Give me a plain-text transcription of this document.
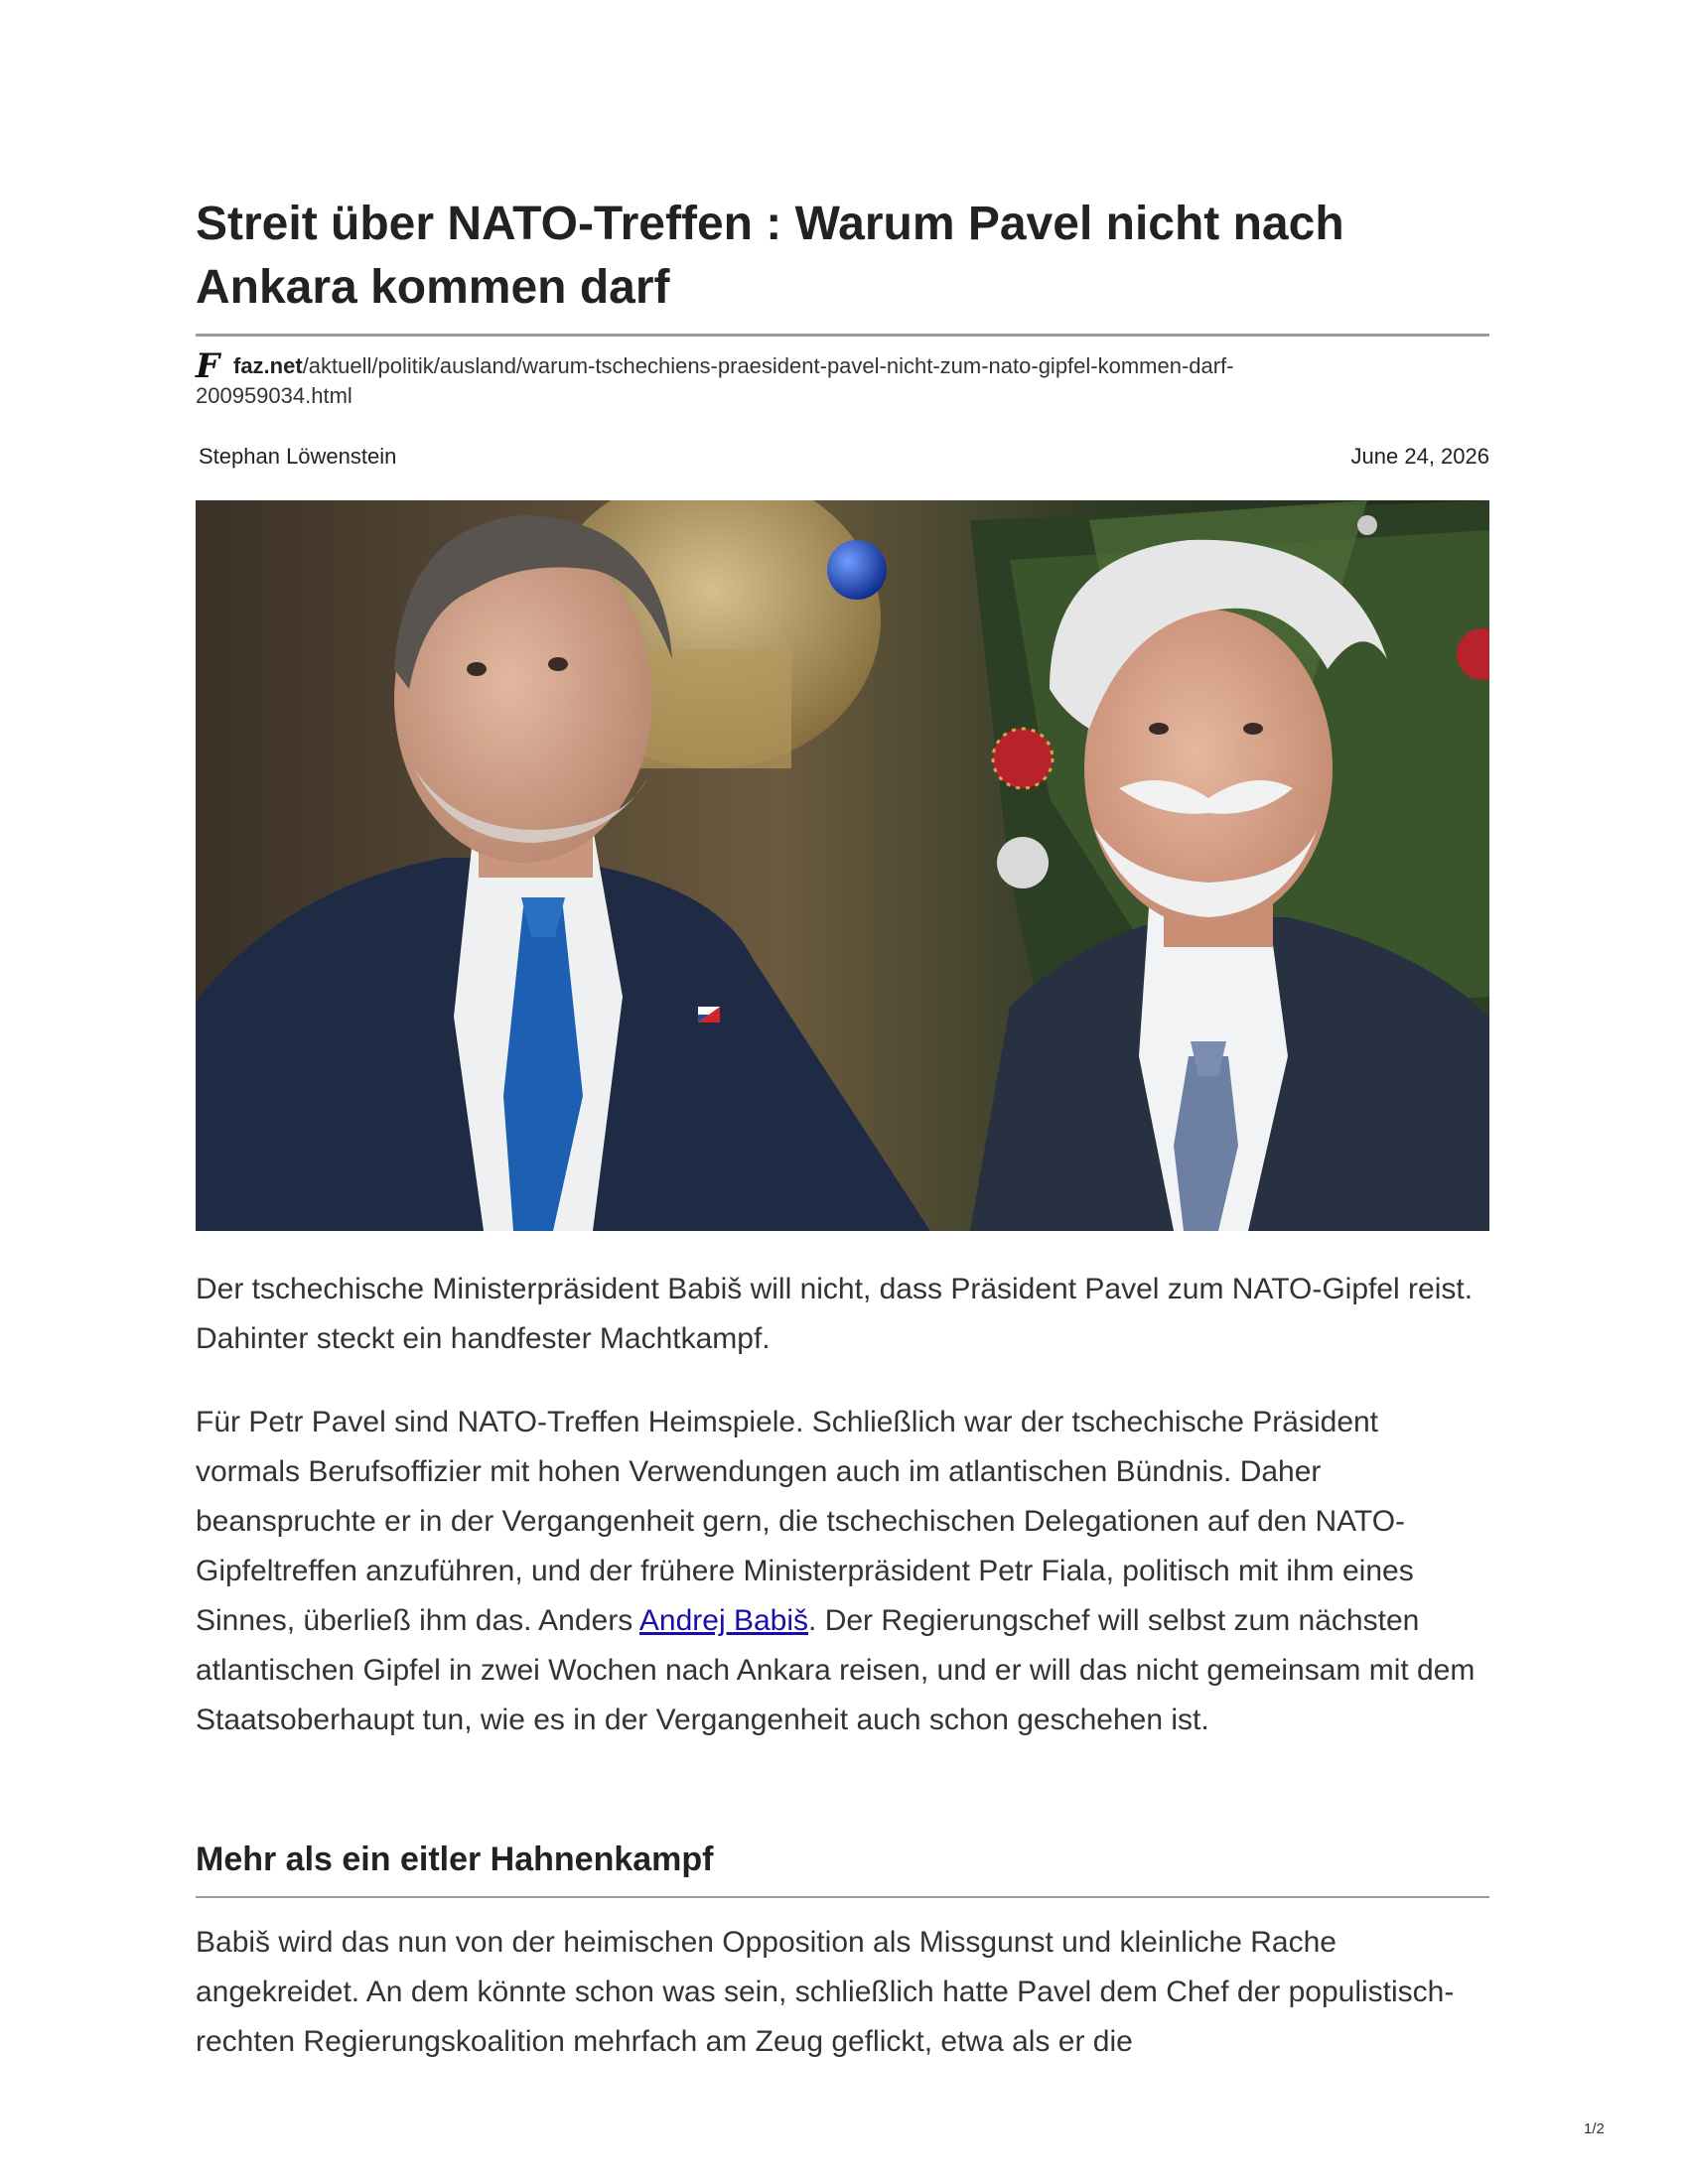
Streit über NATO-Treffen : Warum Pavel nicht nach Ankara kommen darf
Ffaz.net/aktuell/politik/ausland/warum-tschechiens-praesident-pavel-nicht-zum-nato-gipfel-kommen-darf-
200959034.html
Stephan Löwenstein	June 24, 2026

Der tschechische Ministerpräsident Babiš will nicht, dass Präsident Pavel zum NATO-Gipfel reist. Dahinter steckt ein handfester Machtkampf.

Für Petr Pavel sind NATO-Treffen Heimspiele. Schließlich war der tschechische Präsident vormals Berufsoffizier mit hohen Verwendungen auch im atlantischen Bündnis. Daher beanspruchte er in der Vergangenheit gern, die tschechischen Delegationen auf den NATO-Gipfeltreffen anzuführen, und der frühere Ministerpräsident Petr Fiala, politisch mit ihm eines Sinnes, überließ ihm das. Anders Andrej Babiš. Der Regierungschef will selbst zum nächsten atlantischen Gipfel in zwei Wochen nach Ankara reisen, und er will das nicht gemeinsam mit dem Staatsoberhaupt tun, wie es in der Vergangenheit auch schon geschehen ist.

Mehr als ein eitler Hahnenkampf

Babiš wird das nun von der heimischen Opposition als Missgunst und kleinliche Rache angekreidet. An dem könnte schon was sein, schließlich hatte Pavel dem Chef der populistisch-rechten Regierungskoalition mehrfach am Zeug geflickt, etwa als er die

1/2
